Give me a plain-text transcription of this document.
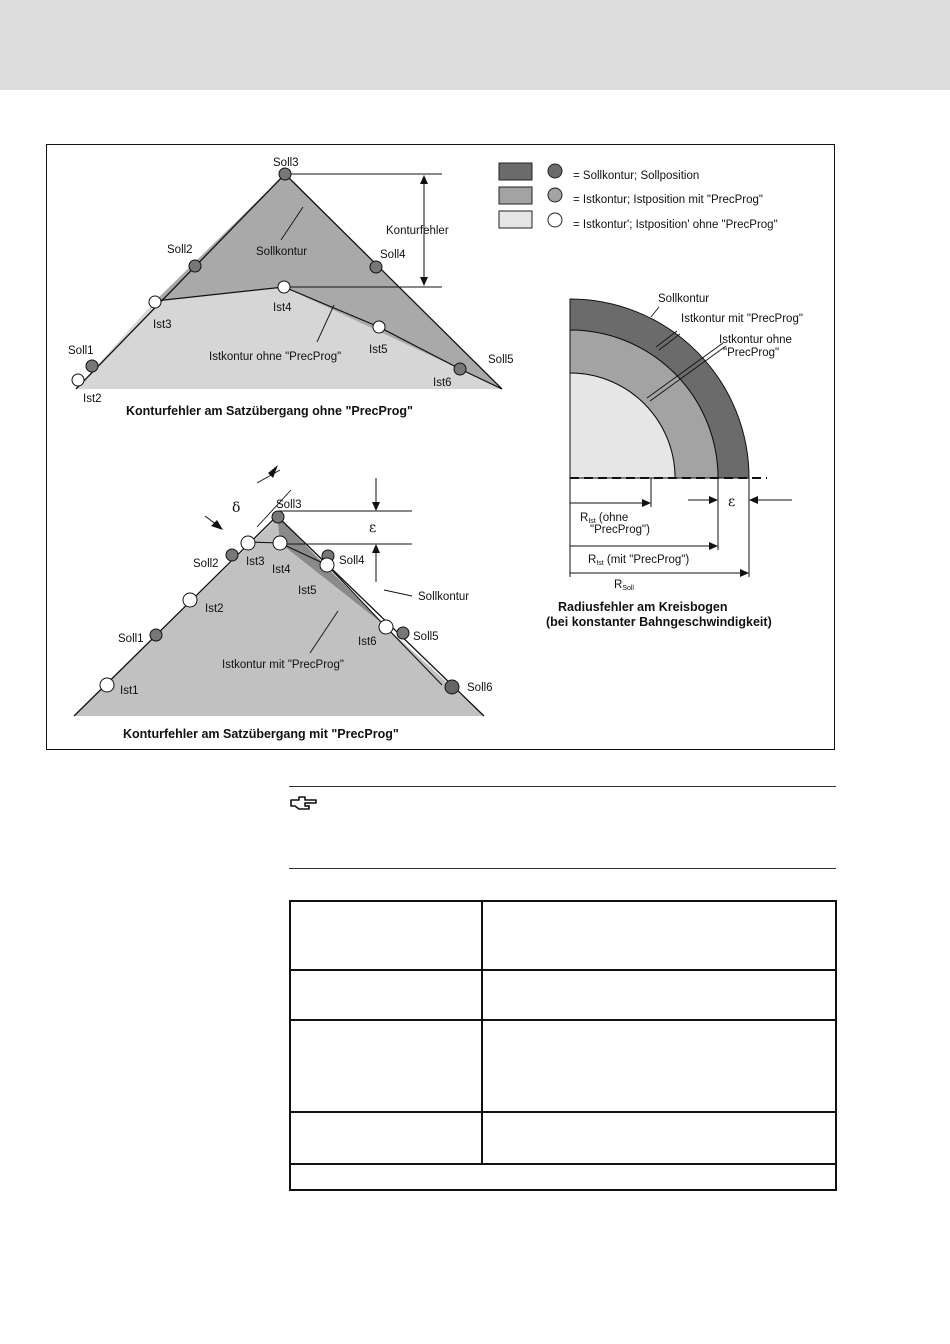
= Sollkontur; Sollposition
= Istkontur; Istposition mit "PrecProg"
= Istkontur'; Istposition' ohne "PrecProg"
Konturfehler
Sollkontur
Istkontur ohne "PrecProg"
Soll3
Soll2	Soll4
Ist4
Ist3
Soll1	Ist5
Soll5
Ist6
Ist2
Konturfehler am Satzübergang ohne "PrecProg"
δ
ε
Sollkontur
Istkontur mit "PrecProg"
Soll3
Soll2 Ist3
Ist4
Soll4
Ist5
Ist2
Soll1	Soll5
Ist6
Ist1	Soll6
Konturfehler am Satzübergang mit "PrecProg"
Sollkontur
Istkontur mit "PrecProg"
Istkontur ohne
"PrecProg"
ε
RIst (ohne
"PrecProg")
RIst (mit "PrecProg")
RSoll
Radiusfehler am Kreisbogen
(bei konstanter Bahngeschwindigkeit)
